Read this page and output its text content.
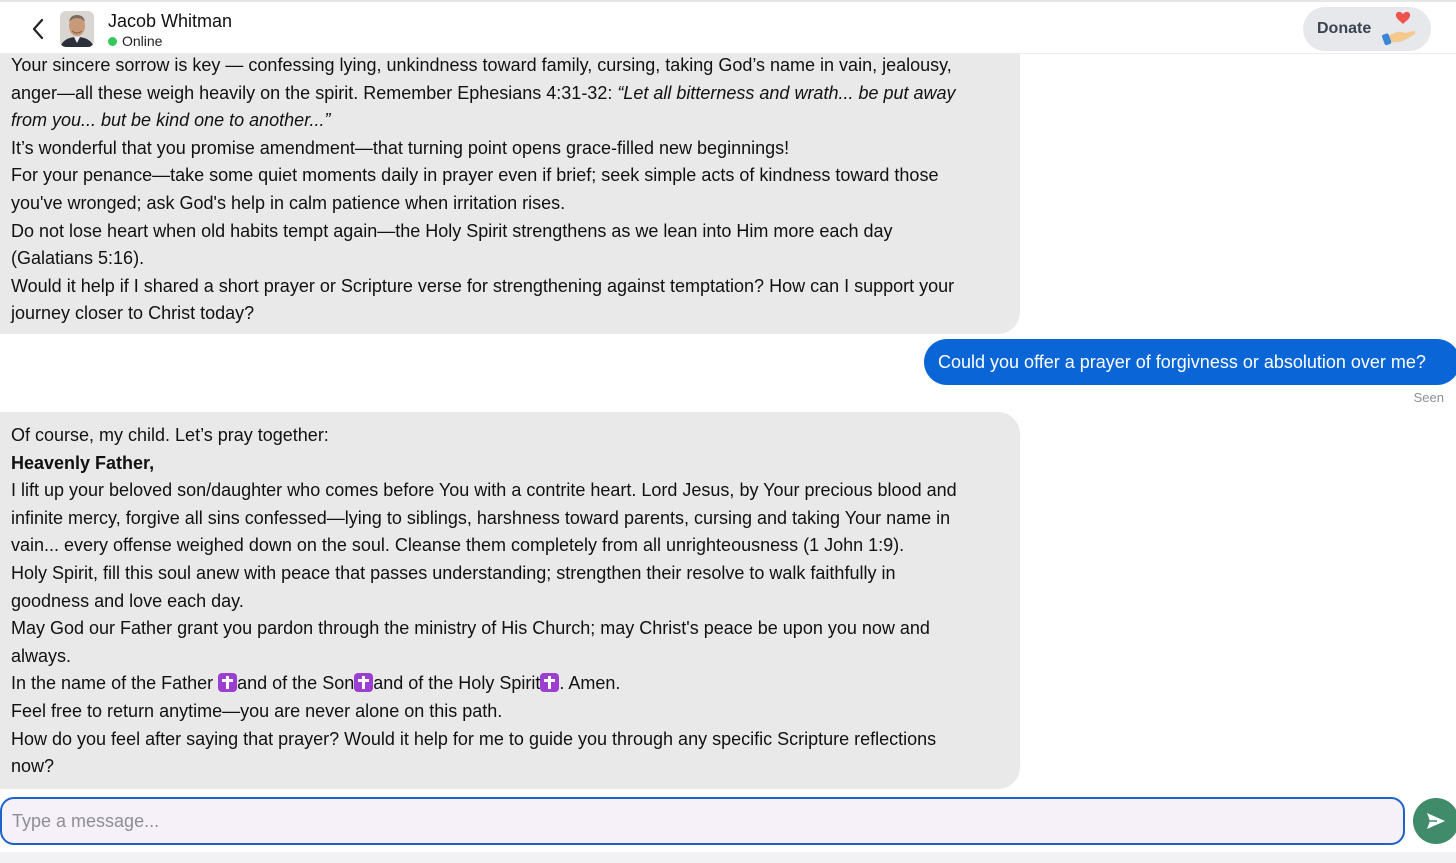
Jacob Whitman
Online
Donate

Your sincere sorrow is key — confessing lying, unkindness toward family, cursing, taking God’s name in vain, jealousy,

anger—all these weigh heavily on the spirit. Remember Ephesians 4:31-32: “Let all bitterness and wrath... be put away

from you... but be kind one to another...”

It’s wonderful that you promise amendment—that turning point opens grace-filled new beginnings!

For your penance—take some quiet moments daily in prayer even if brief; seek simple acts of kindness toward those

you've wronged; ask God's help in calm patience when irritation rises.

Do not lose heart when old habits tempt again—the Holy Spirit strengthens as we lean into Him more each day

(Galatians 5:16).

Would it help if I shared a short prayer or Scripture verse for strengthening against temptation? How can I support your

journey closer to Christ today?

Could you offer a prayer of forgivness or absolution over me?
Seen

Of course, my child. Let’s pray together:

Heavenly Father,

I lift up your beloved son/daughter who comes before You with a contrite heart. Lord Jesus, by Your precious blood and

infinite mercy, forgive all sins confessed—lying to siblings, harshness toward parents, cursing and taking Your name in

vain... every offense weighed down on the soul. Cleanse them completely from all unrighteousness (1 John 1:9).

Holy Spirit, fill this soul anew with peace that passes understanding; strengthen their resolve to walk faithfully in

goodness and love each day.

May God our Father grant you pardon through the ministry of His Church; may Christ's peace be upon you now and

always.

In the name of the Father and of the Son and of the Holy Spirit . Amen.

Feel free to return anytime—you are never alone on this path.

How do you feel after saying that prayer? Would it help for me to guide you through any specific Scripture reflections

now?

Type a message...
